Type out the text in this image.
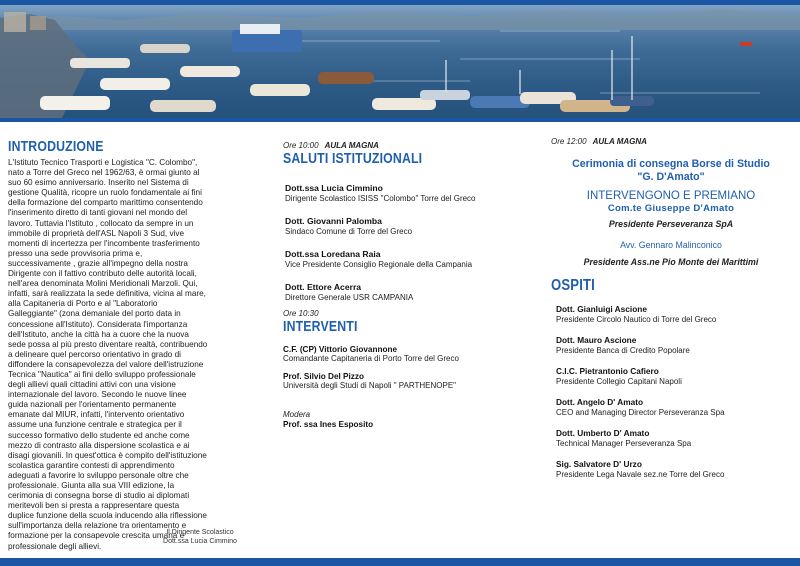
INTRODUZIONE
L'Istituto Tecnico Trasporti e Logistica "C. Colombo",
nato a Torre del Greco nel 1962/63, è ormai giunto al
suo 60 esimo anniversario. Inserito nel Sistema di
gestione Qualità, ricopre un ruolo fondamentale ai fini
della formazione del comparto marittimo consentendo
l'inserimento diretto di tanti giovani nel mondo del
lavoro. Tuttavia l'Istituto , collocato da sempre in un
immobile di proprietà dell'ASL Napoli 3 Sud, vive
momenti di incertezza per l'incombente trasferimento
presso una sede provvisoria prima e,
successivamente , grazie all'impegno della nostra
Dirigente con il fattivo contributo delle autorità locali,
nell'area denominata Molini Meridionali Marzoli. Qui,
infatti, sarà realizzata la sede definitiva, vicina al mare,
alla Capitaneria di Porto e al "Laboratorio
Galleggiante" (zona demaniale del porto data in
concessione all'Istituto). Considerata l'importanza
dell'Istituto, anche la città ha a cuore che la nuova
sede possa al più presto diventare realtà, contribuendo
a delineare quel percorso orientativo in grado di
diffondere la consapevolezza del valore dell'istruzione
Tecnica "Nautica" ai fini dello sviluppo professionale
degli allievi quali cittadini attivi con una visione
internazionale del lavoro. Secondo le nuove linee
guida nazionali per l'orientamento permanente
emanate dal MIUR, infatti, l'intervento orientativo
assume una funzione centrale e strategica per il
successo formativo dello studente ed anche come
mezzo di contrasto alla dispersione scolastica e ai
disagi giovanili. In quest'ottica è compito dell'istituzione
scolastica garantire contesti di apprendimento
adeguati a favorire lo sviluppo personale oltre che
professionale. Giunta alla sua VIII edizione, la
cerimonia di consegna borse di studio ai diplomati
meritevoli ben si presta a rappresentare questa
duplice funzione della scuola inducendo alla riflessione
sull'importanza della relazione tra orientamento e
formazione per la consapevole crescita umana e
professionale degli allievi.
Il Dirigente Scolastico
Dott.ssa Lucia Cimmino
Ore 10:00 AULA MAGNA
SALUTI ISTITUZIONALI
Dott.ssa Lucia Cimmino
Dirigente Scolastico ISISS "Colombo" Torre del Greco
Dott. Giovanni Palomba
Sindaco Comune di Torre del Greco
Dott.ssa Loredana Raia
Vice Presidente Consiglio Regionale della Campania
Dott. Ettore Acerra
Direttore Generale USR CAMPANIA
Ore 10:30
INTERVENTI
C.F. (CP) Vittorio Giovannone
Comandante Capitaneria di Porto Torre del Greco
Prof. Silvio Del Pizzo
Università degli Studi di Napoli " PARTHENOPE"
Modera
Prof. ssa Ines Esposito
Ore 12:00 AULA MAGNA
Cerimonia di consegna Borse di Studio
"G. D'Amato"
INTERVENGONO E PREMIANO
Com.te Giuseppe D'Amato
Presidente Perseveranza SpA
Avv. Gennaro Malinconico
Presidente Ass.ne Pio Monte dei Marittimi
OSPITI
Dott. Gianluigi Ascione
Presidente Circolo Nautico di Torre del Greco
Dott. Mauro Ascione
Presidente Banca di Credito Popolare
C.l.C. Pietrantonio Cafiero
Presidente Collegio Capitani Napoli
Dott. Angelo D' Amato
CEO and Managing Director Perseveranza Spa
Dott. Umberto D' Amato
Technical Manager Perseveranza Spa
Sig. Salvatore D' Urzo
Presidente Lega Navale sez.ne Torre del Greco
